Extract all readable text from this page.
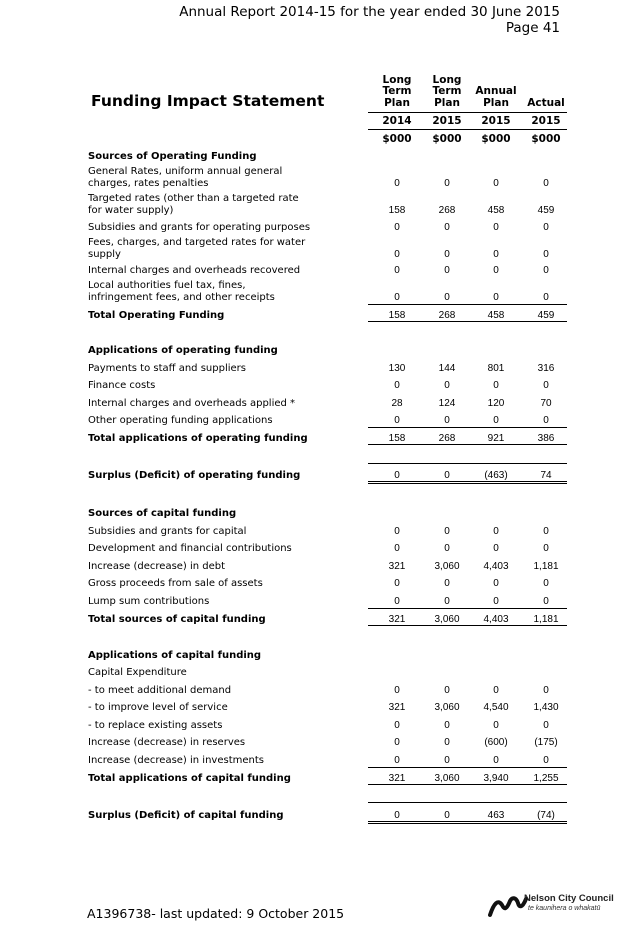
Annual Report 2014-15 for the year ended 30 June 2015
Page 41
Funding Impact Statement
Long
Term
Plan
2014
$000
Long
Term
Plan
2015
$000
Annual
Plan
2015
$000
Actual
2015
$000
Sources of Operating Funding
General Rates, uniform annual general charges, rates penalties	0	0	0	0
Targeted rates (other than a targeted rate for water supply)	158	268	458	459
Subsidies and grants for operating purposes	0	0	0	0
Fees, charges, and targeted rates for water supply	0	0	0	0
Internal charges and overheads recovered	0	0	0	0
Local authorities fuel tax, fines, infringement fees, and other receipts	0	0	0	0
Total Operating Funding	158	268	458	459
Applications of operating funding
Payments to staff and suppliers	130	144	801	316
Finance costs	0	0	0	0
Internal charges and overheads applied *	28	124	120	70
Other operating funding applications	0	0	0	0
Total applications of operating funding	158	268	921	386
Surplus (Deficit) of operating funding	0	0	(463)	74
Sources of capital funding
Subsidies and grants for capital	0	0	0	0
Development and financial contributions	0	0	0	0
Increase (decrease) in debt	321	3,060	4,403	1,181
Gross proceeds from sale of assets	0	0	0	0
Lump sum contributions	0	0	0	0
Total sources of capital funding	321	3,060	4,403	1,181
Applications of capital funding
Capital Expenditure
- to meet additional demand	0	0	0	0
- to improve level of service	321	3,060	4,540	1,430
- to replace existing assets	0	0	0	0
Increase (decrease) in reserves	0	0	(600)	(175)
Increase (decrease) in investments	0	0	0	0
Total applications of capital funding	321	3,060	3,940	1,255
Surplus (Deficit) of capital funding	0	0	463	(74)
A1396738- last updated: 9 October 2015
Nelson City Council
te kaunihera o whakatū
